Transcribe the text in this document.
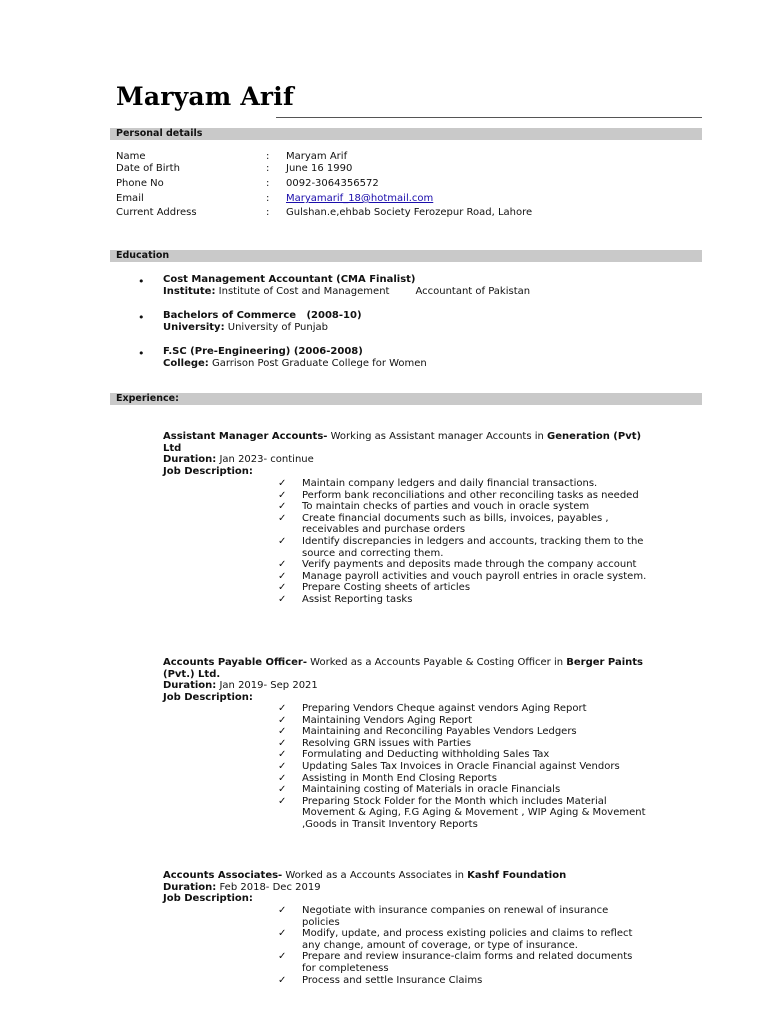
Maryam Arif
Personal details
Name	: Maryam Arif
Date of Birth	: June 16 1990
Phone No	: 0092-3064356572
Email	: Maryamarif_18@hotmail.com
Current Address	: Gulshan.e,ehbab Society Ferozepur Road, Lahore
Education
• Cost Management Accountant (CMA Finalist)
Institute: Institute of Cost and Management	Accountant of Pakistan
• Bachelors of Commerce   (2008-10)
University: University of Punjab
• F.SC (Pre-Engineering) (2006-2008)
College: Garrison Post Graduate College for Women
Experience:

Assistant Manager Accounts- Working as Assistant manager Accounts in Generation (Pvt) Ltd

Duration: Jan 2023- continue

Job Description:

✓ Maintain company ledgers and daily financial transactions.
✓ Perform bank reconciliations and other reconciling tasks as needed
✓ To maintain checks of parties and vouch in oracle system
✓ Create financial documents such as bills, invoices, payables , receivables and purchase orders
✓ Identify discrepancies in ledgers and accounts, tracking them to the source and correcting them.
✓ Verify payments and deposits made through the company account
✓ Manage payroll activities and vouch payroll entries in oracle system.
✓ Prepare Costing sheets of articles
✓ Assist Reporting tasks

Accounts Payable Officer- Worked as a Accounts Payable & Costing Officer in Berger Paints (Pvt.) Ltd.

Duration: Jan 2019- Sep 2021

Job Description:

✓ Preparing Vendors Cheque against vendors Aging Report
✓ Maintaining Vendors Aging Report
✓ Maintaining and Reconciling Payables Vendors Ledgers
✓ Resolving GRN issues with Parties
✓ Formulating and Deducting withholding Sales Tax
✓ Updating Sales Tax Invoices in Oracle Financial against Vendors
✓ Assisting in Month End Closing Reports
✓ Maintaining costing of Materials in oracle Financials
✓ Preparing Stock Folder for the Month which includes Material Movement & Aging, F.G Aging & Movement , WIP Aging & Movement ,Goods in Transit Inventory Reports

Accounts Associates- Worked as a Accounts Associates in Kashf Foundation

Duration: Feb 2018- Dec 2019

Job Description:

✓ Negotiate with insurance companies on renewal of insurance policies
✓ Modify, update, and process existing policies and claims to reflect any change, amount of coverage, or type of insurance.
✓ Prepare and review insurance-claim forms and related documents for completeness
✓ Process and settle Insurance Claims
